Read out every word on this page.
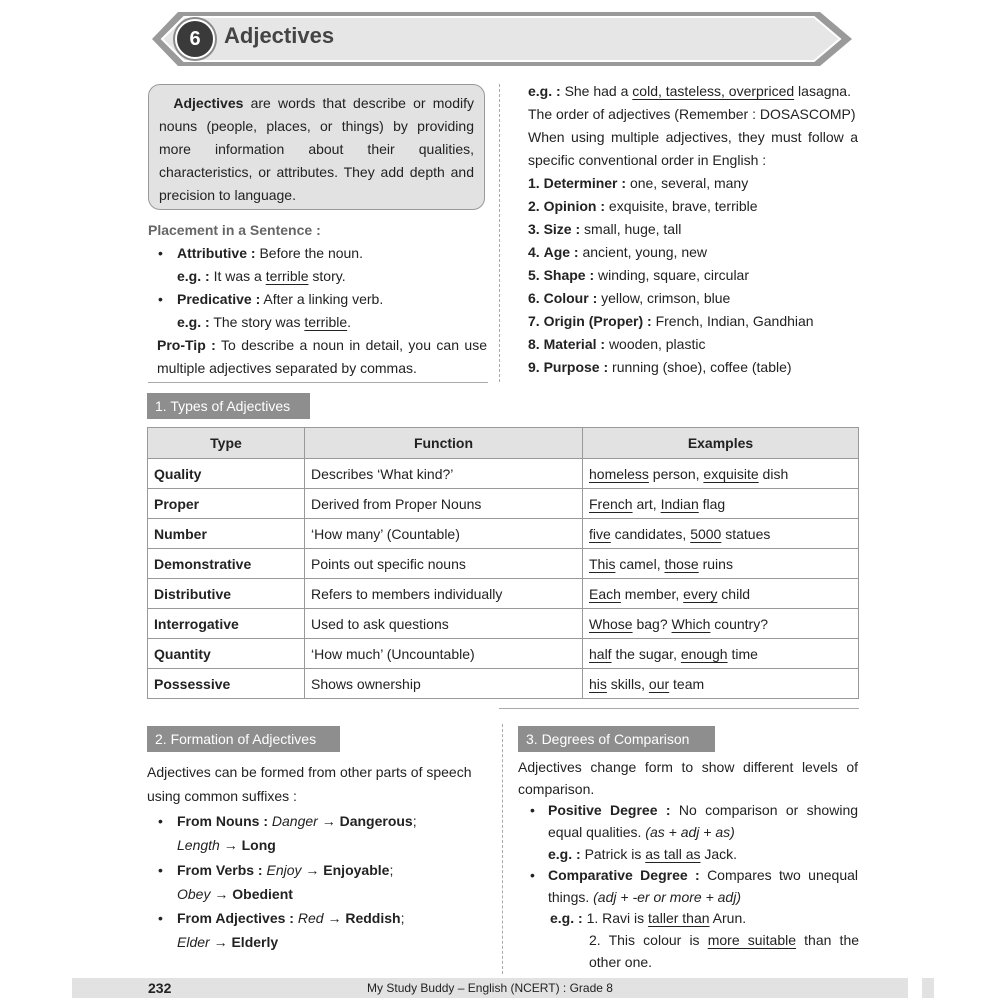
6	Adjectives
Adjectives are words that describe or modify nouns (people, places, or things) by providing more information about their qualities, characteristics, or attributes. They add depth and precision to language.
Placement in a Sentence :
• Attributive : Before the noun.
e.g. : It was a terrible story.
• Predicative : After a linking verb.
e.g. : The story was terrible.
Pro-Tip : To describe a noun in detail, you can use multiple adjectives separated by commas.
e.g. : She had a cold, tasteless, overpriced lasagna.
The order of adjectives (Remember : DOSASCOMP)
When using multiple adjectives, they must follow a specific conventional order in English :
1. Determiner : one, several, many
2. Opinion : exquisite, brave, terrible
3. Size : small, huge, tall
4. Age : ancient, young, new
5. Shape : winding, square, circular
6. Colour : yellow, crimson, blue
7. Origin (Proper) : French, Indian, Gandhian
8. Material : wooden, plastic
9. Purpose : running (shoe), coffee (table)
1. Types of Adjectives
Type	Function	Examples
Quality	Describes ‘What kind?’	homeless person, exquisite dish
Proper	Derived from Proper Nouns	French art, Indian flag
Number	‘How many’ (Countable)	five candidates, 5000 statues
Demonstrative	Points out specific nouns	This camel, those ruins
Distributive	Refers to members individually	Each member, every child
Interrogative	Used to ask questions	Whose bag? Which country?
Quantity	‘How much’ (Uncountable)	half the sugar, enough time
Possessive	Shows ownership	his skills, our team
2. Formation of Adjectives
Adjectives can be formed from other parts of speech using common suffixes :
• From Nouns : Danger → Dangerous;
Length → Long
• From Verbs : Enjoy → Enjoyable;
Obey → Obedient
• From Adjectives : Red → Reddish;
Elder → Elderly
3. Degrees of Comparison
Adjectives change form to show different levels of comparison.
• Positive Degree : No comparison or showing equal qualities. (as + adj + as)
e.g. : Patrick is as tall as Jack.
• Comparative Degree : Compares two unequal things. (adj + -er or more + adj)
e.g. : 1. Ravi is taller than Arun.
2. This colour is more suitable than the other one.
232	My Study Buddy – English (NCERT) : Grade 8
